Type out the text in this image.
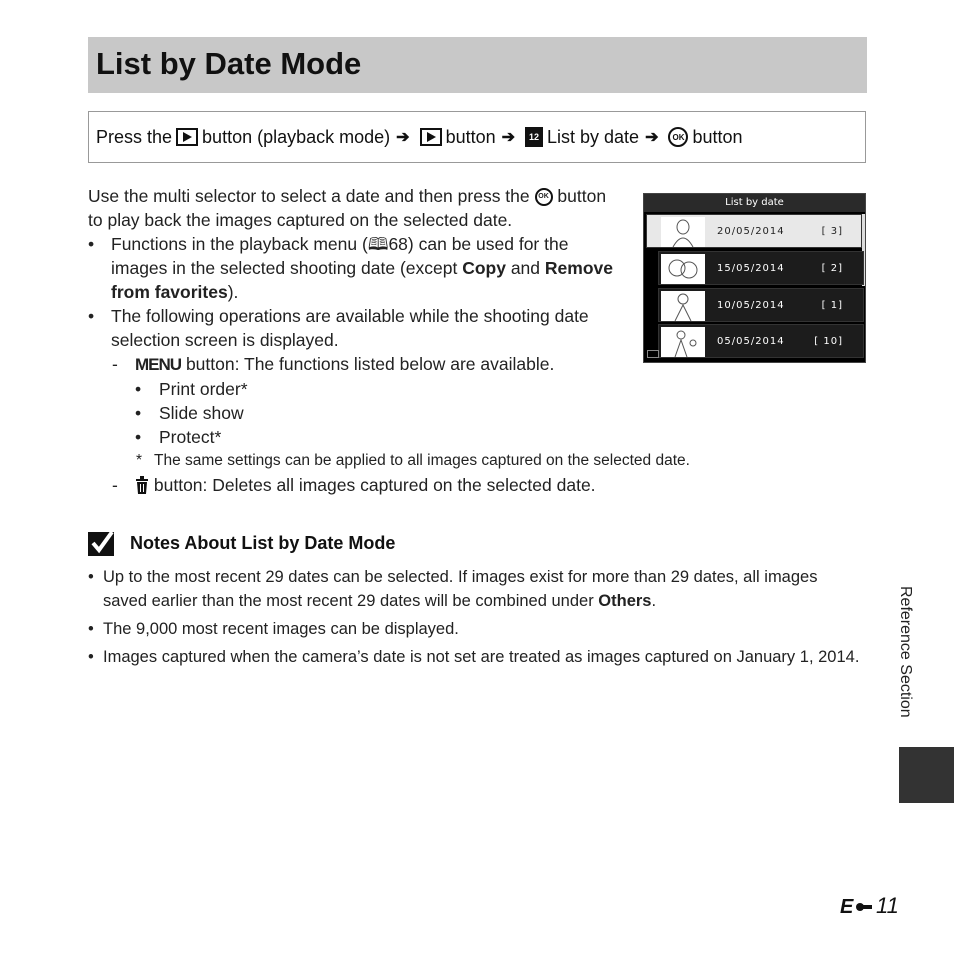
List by Date Mode
Press the button (playback mode) ➔ button ➔	12 List by date ➔	OK button

Use the multi selector to select a date and then press the OK button to play back the images captured on the selected date.

• Functions in the playback menu (🕮68) can be used for the images in the selected shooting date (except Copy and Remove from favorites).

• The following operations are available while the shooting date selection screen is displayed.

- MENU button: The functions listed below are available.

• Print order*

• Slide show

• Protect*

* The same settings can be applied to all images captured on the selected date.

- button: Deletes all images captured on the selected date.

List by date
20/05/2014	[ 3]
15/05/2014	[ 2]
10/05/2014	[ 1]
05/05/2014	[ 10]
Notes About List by Date Mode
• Up to the most recent 29 dates can be selected. If images exist for more than 29 dates, all images saved earlier than the most recent 29 dates will be combined under Others.
• The 9,000 most recent images can be displayed.
• Images captured when the camera’s date is not set are treated as images captured on January 1, 2014. Reference Section
E 11
